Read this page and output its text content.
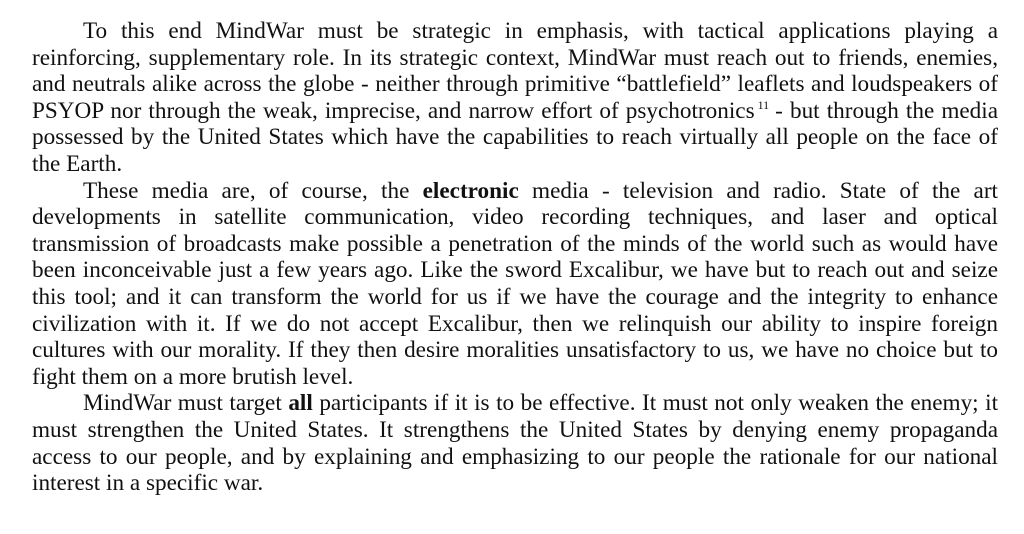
To this end MindWar must be strategic in emphasis, with tactical applications playing a reinforcing, supplementary role. In its strategic context, MindWar must reach out to friends, enemies, and neutrals alike across the globe - neither through primitive “battlefield” leaflets and loudspeakers of PSYOP nor through the weak, imprecise, and narrow effort of psychotronics $^{11}$ - but through the media possessed by the United States which have the capabilities to reach virtually all people on the face of the Earth.

These media are, of course, the electronic media - television and radio. State of the art developments in satellite communication, video recording techniques, and laser and optical transmission of broadcasts make possible a penetration of the minds of the world such as would have been inconceivable just a few years ago. Like the sword Excalibur, we have but to reach out and seize this tool; and it can transform the world for us if we have the courage and the integrity to enhance civilization with it. If we do not accept Excalibur, then we relinquish our ability to inspire foreign cultures with our morality. If they then desire moralities unsatisfactory to us, we have no choice but to fight them on a more brutish level.

MindWar must target all participants if it is to be effective. It must not only weaken the enemy; it must strengthen the United States. It strengthens the United States by denying enemy propaganda access to our people, and by explaining and emphasizing to our people the rationale for our national interest in a specific war.
